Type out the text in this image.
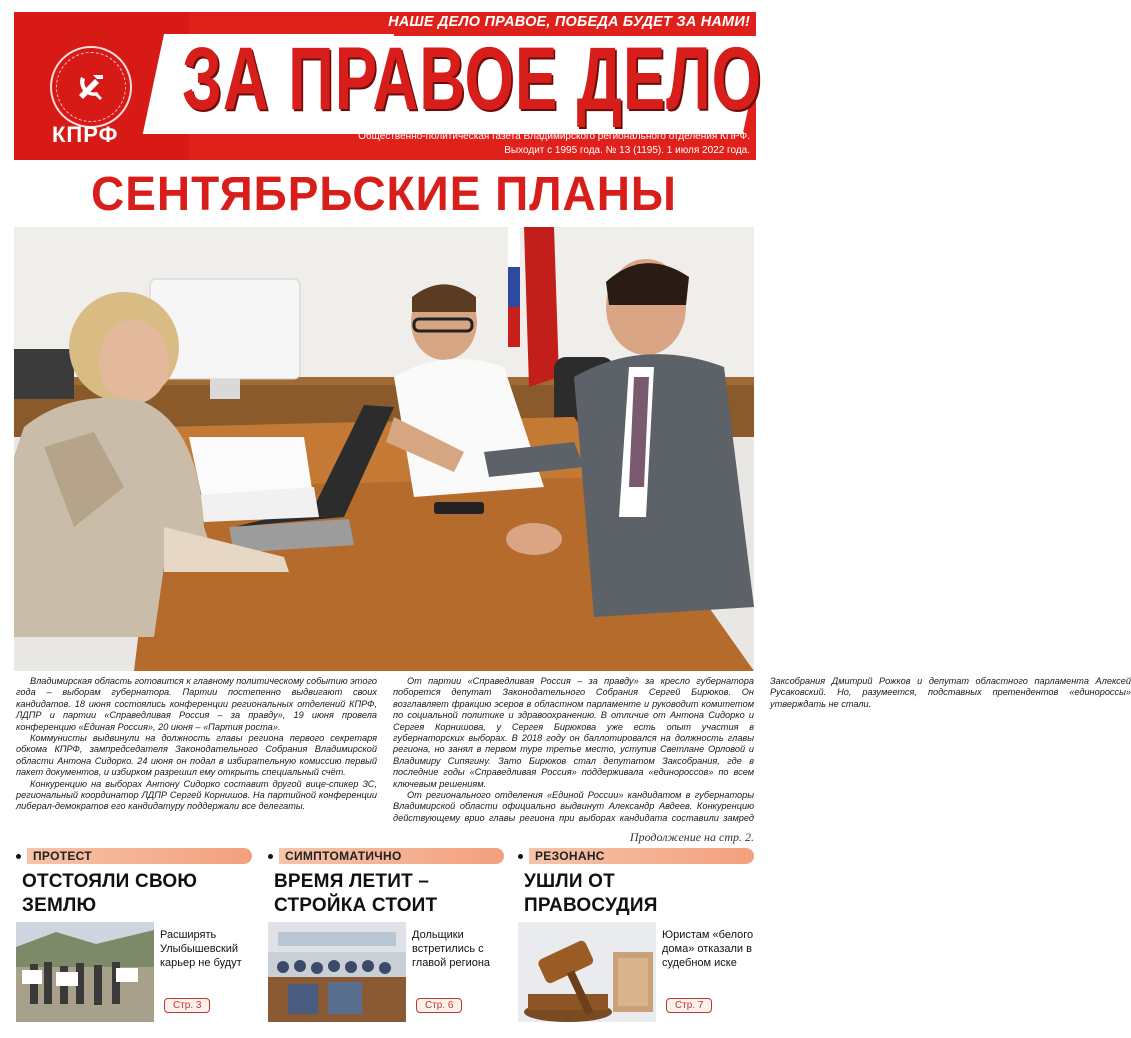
НАШЕ ДЕЛО ПРАВОЕ, ПОБЕДА БУДЕТ ЗА НАМИ!
КПРФ
ЗА ПРАВОЕ ДЕЛО
Общественно-политическая газета Владимирского регионального отделения КПРФ.
Выходит с 1995 года. № 13 (1195). 1 июля 2022 года.
СЕНТЯБРЬСКИЕ ПЛАНЫ

Владимирская область готовится к главному политическому событию этого года – выборам губернатора. Партии постепенно выдвигают своих кандидатов. 18 июня состоялись конференции региональных отделений КПРФ, ЛДПР и партии «Справедливая Россия – за правду», 19 июня провела конференцию «Единая Россия», 20 июня – «Партия роста».

Коммунисты выдвинули на должность главы региона первого секретаря обкома КПРФ, зампредседателя Законодательного Собрания Владимирской области Антона Сидорко. 24 июня он подал в избирательную комиссию первый пакет документов, и избирком разрешил ему открыть специальный счёт.

Конкуренцию на выборах Антону Сидорко составит другой вице-спикер ЗС, региональный координатор ЛДПР Сергей Корнишов. На партийной конференции либерал-демократов его кандидатуру поддержали все делегаты.

От партии «Справедливая Россия – за правду» за кресло губернатора поборется депутат Законодательного Собрания Сергей Бирюков. Он возглавляет фракцию эсеров в областном парламенте и руководит комитетом по социальной политике и здравоохранению. В отличие от Антона Сидорко и Сергея Корнишова, у Сергея Бирюкова уже есть опыт участия в губернаторских выборах. В 2018 году он баллотировался на должность главы региона, но занял в первом туре третье место, уступив Светлане Орловой и Владимиру Сипягину. Зато Бирюков стал депутатом Заксобрания, где в последние годы «Справедливая Россия» поддерживала «единороссов» по всем ключевым решениям.

От регионального отделения «Единой России» кандидатом в губернаторы Владимирской области официально выдвинут Александр Авдеев. Конкуренцию действующему врио главы региона при выборах кандидата составили замред Заксобрания Дмитрий Рожков и депутат областного парламента Алексей Русаковский. Но, разумеется, подставных претендентов «единороссы» утверждать не стали.

Продолжение на стр. 2.
ПРОТЕСТ
ОТСТОЯЛИ СВОЮ ЗЕМЛЮ
Расширять Улыбышевский карьер не будут
Стр. 3
СИМПТОМАТИЧНО
ВРЕМЯ ЛЕТИТ – СТРОЙКА СТОИТ
Дольщики встретились с главой региона
Стр. 6
РЕЗОНАНС
УШЛИ ОТ ПРАВОСУДИЯ
Юристам «белого дома» отказали в судебном иске
Стр. 7
